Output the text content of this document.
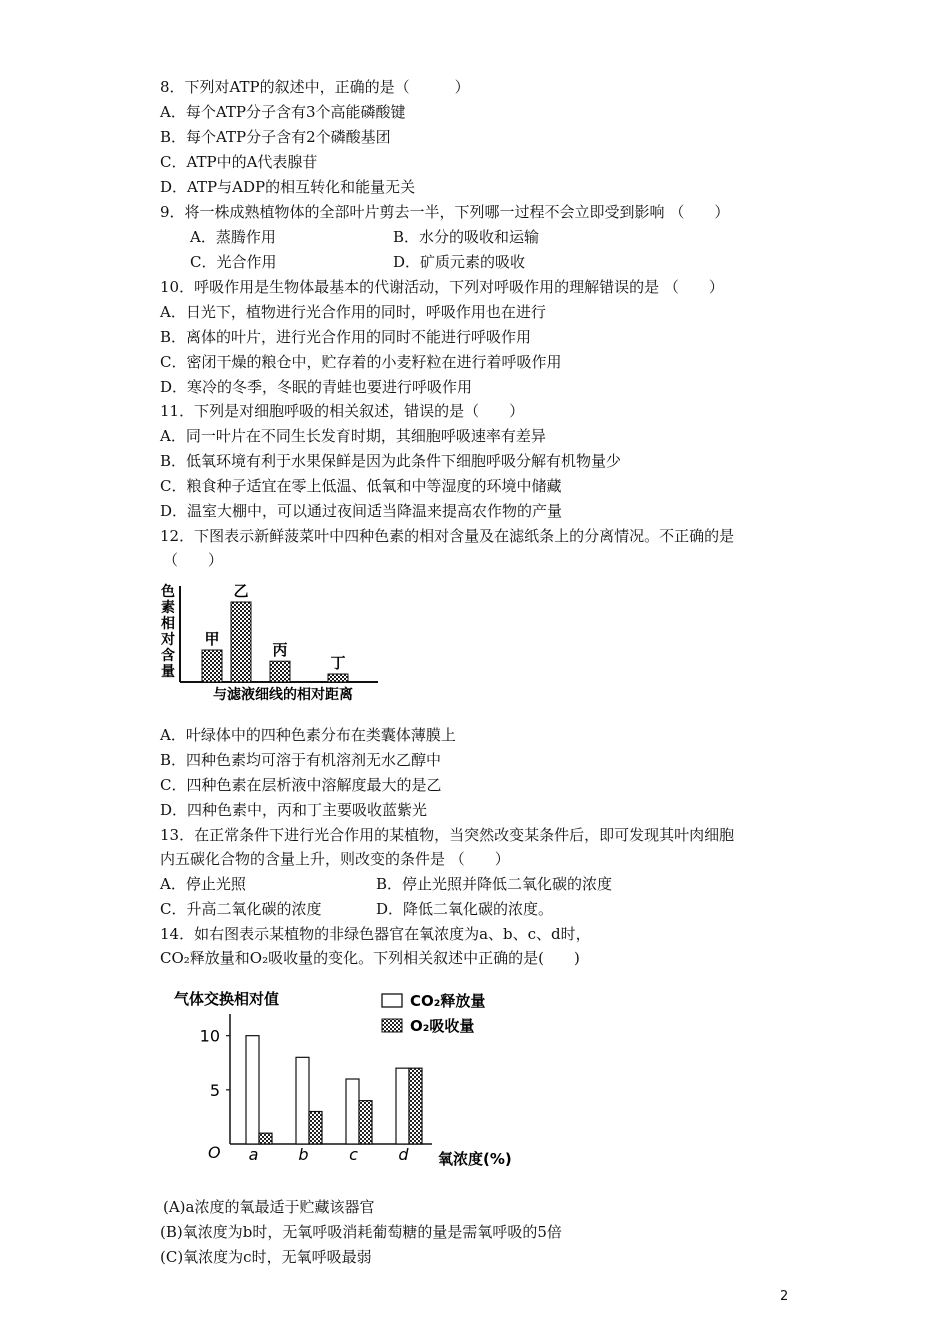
8．下列对ATP的叙述中，正确的是（　　　）
A．每个ATP分子含有3个高能磷酸键
B．每个ATP分子含有2个磷酸基团
C．ATP中的A代表腺苷
D．ATP与ADP的相互转化和能量无关
9．将一株成熟植物体的全部叶片剪去一半，下列哪一过程不会立即受到影响 （　　）
A．蒸腾作用	B．水分的吸收和运输
C．光合作用	D．矿质元素的吸收
10．呼吸作用是生物体最基本的代谢活动，下列对呼吸作用的理解错误的是 （　　）
A．日光下，植物进行光合作用的同时，呼吸作用也在进行
B．离体的叶片，进行光合作用的同时不能进行呼吸作用
C．密闭干燥的粮仓中，贮存着的小麦籽粒在进行着呼吸作用
D．寒冷的冬季，冬眠的青蛙也要进行呼吸作用
11．下列是对细胞呼吸的相关叙述，错误的是（　　）
A．同一叶片在不同生长发育时期，其细胞呼吸速率有差异
B．低氧环境有利于水果保鲜是因为此条件下细胞呼吸分解有机物量少
C．粮食种子适宜在零上低温、低氧和中等湿度的环境中储藏
D．温室大棚中，可以通过夜间适当降温来提高农作物的产量
12．下图表示新鲜菠菜叶中四种色素的相对含量及在滤纸条上的分离情况。不正确的是
（　　）
色
素
相
对
含
量
甲
乙
丙
丁
与滤液细线的相对距离
A．叶绿体中的四种色素分布在类囊体薄膜上
B．四种色素均可溶于有机溶剂无水乙醇中
C．四种色素在层析液中溶解度最大的是乙
D．四种色素中，丙和丁主要吸收蓝紫光
13．在正常条件下进行光合作用的某植物，当突然改变某条件后，即可发现其叶肉细胞
内五碳化合物的含量上升，则改变的条件是 （　　）
A．停止光照	B．停止光照并降低二氧化碳的浓度
C．升高二氧化碳的浓度	D．降低二氧化碳的浓度。
14．如右图表示某植物的非绿色器官在氧浓度为a、b、c、d时，
CO₂释放量和O₂吸收量的变化。下列相关叙述中正确的是(　　)
气体交换相对值
O
10
5
a	b	c	d 氧浓度(%)
CO₂释放量
O₂吸收量
(A)a浓度的氧最适于贮藏该器官
(B)氧浓度为b时，无氧呼吸消耗葡萄糖的量是需氧呼吸的5倍
(C)氧浓度为c时，无氧呼吸最弱
2
